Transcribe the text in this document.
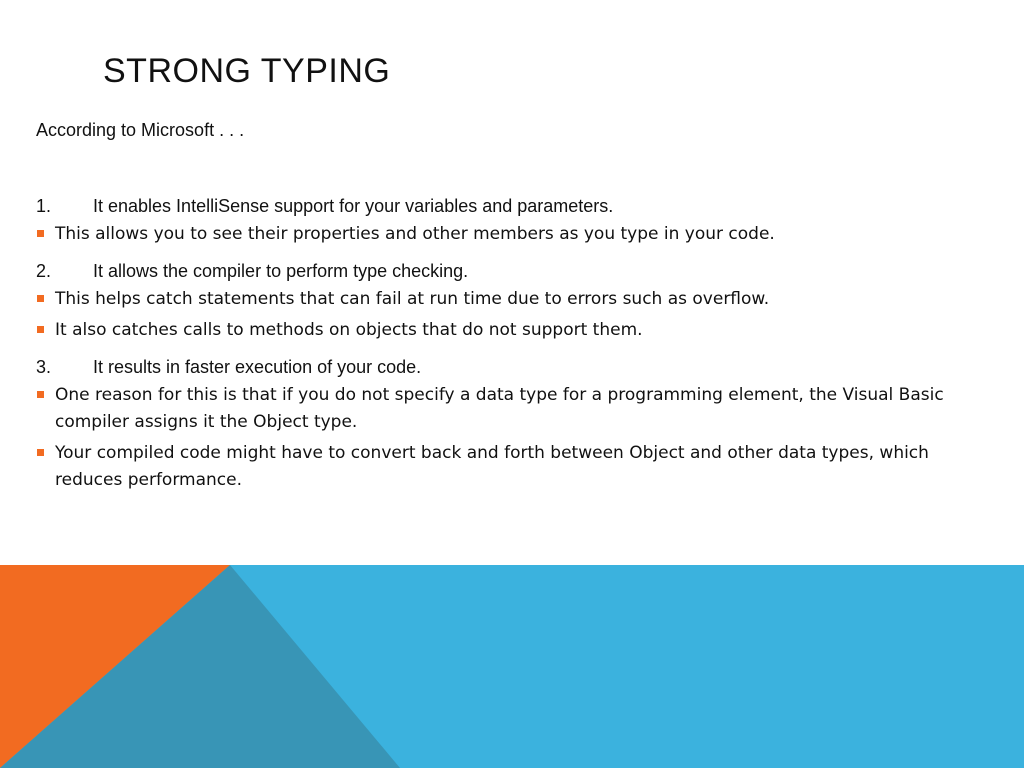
STRONG TYPING
According to Microsoft . . .
1.	It enables IntelliSense support for your variables and parameters.
This allows you to see their properties and other members as you type in your code.
2.	It allows the compiler to perform type checking.
This helps catch statements that can fail at run time due to errors such as overflow.
It also catches calls to methods on objects that do not support them.
3.	It results in faster execution of your code.
One reason for this is that if you do not specify a data type for a programming element, the Visual Basic compiler assigns it the Object type.
Your compiled code might have to convert back and forth between Object and other data types, which reduces performance.
